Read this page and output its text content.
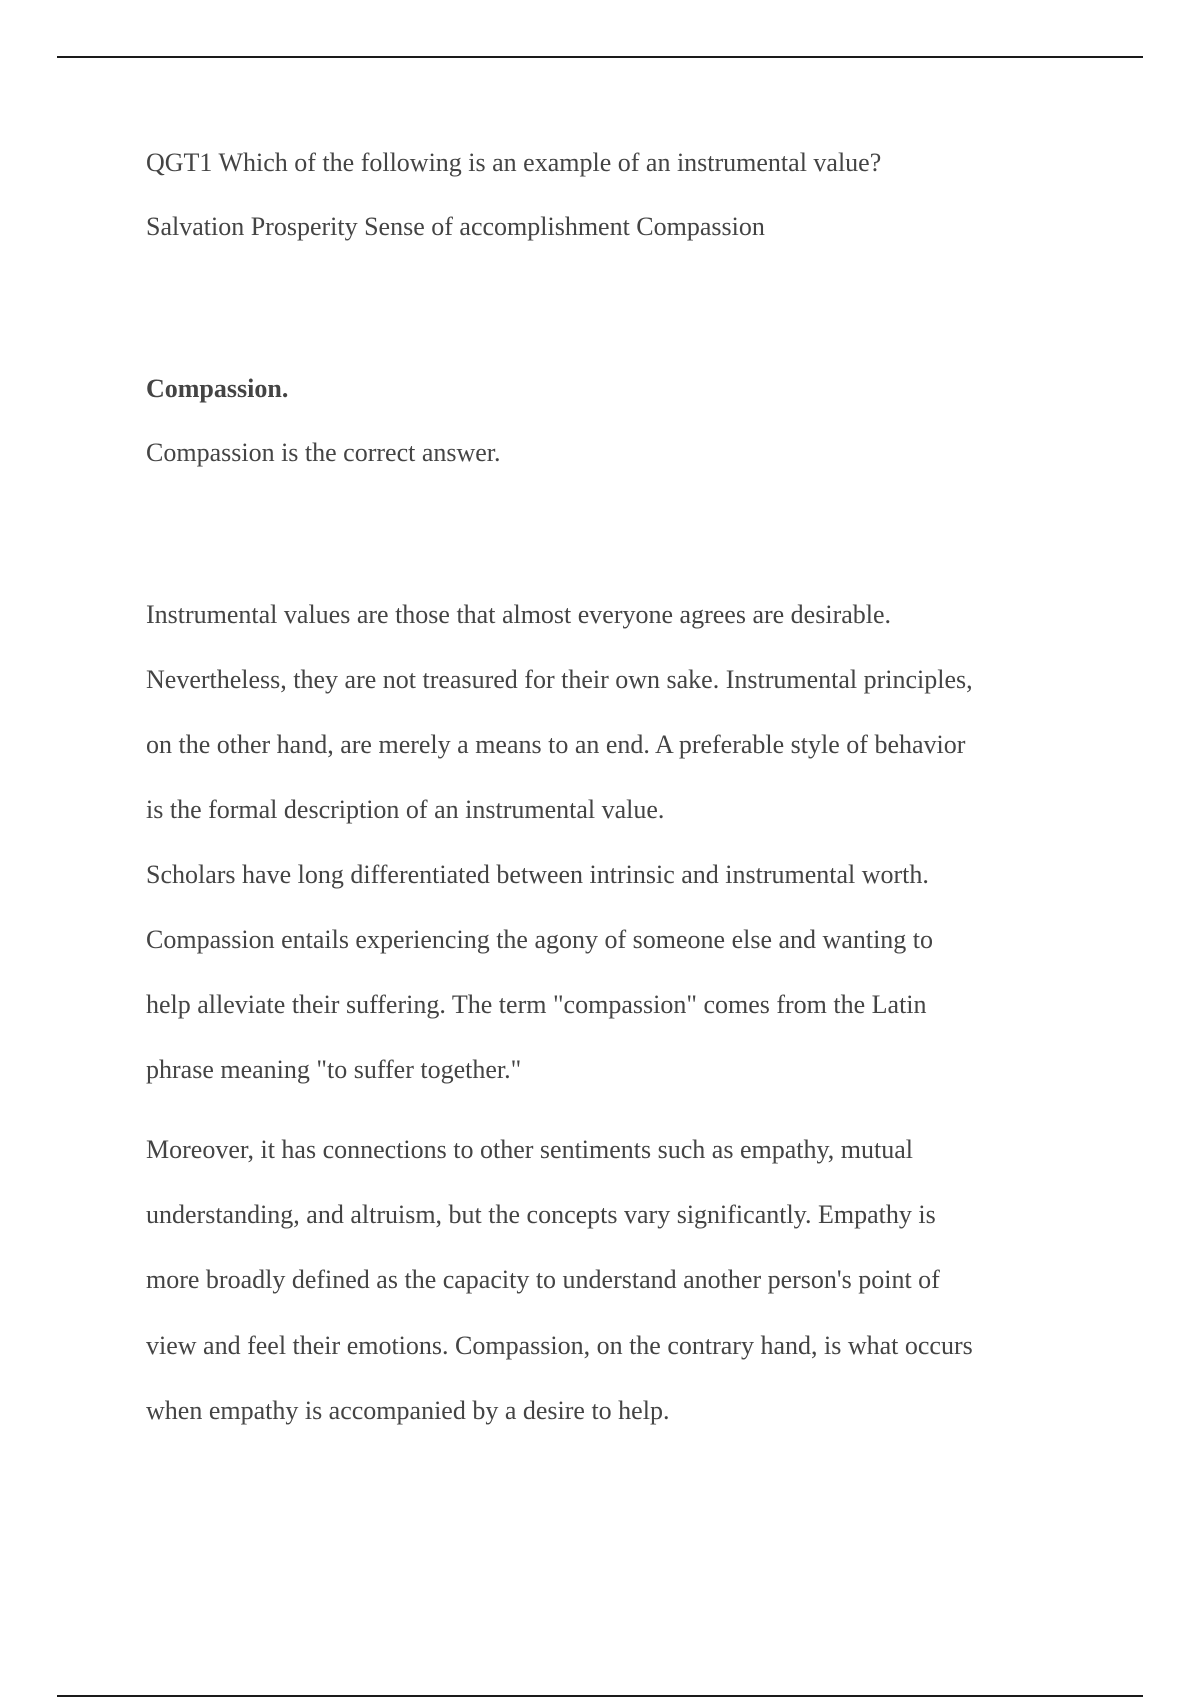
QGT1 Which of the following is an example of an instrumental value?
Salvation Prosperity Sense of accomplishment Compassion
Compassion.
Compassion is the correct answer.
Instrumental values are those that almost everyone agrees are desirable.
Nevertheless, they are not treasured for their own sake. Instrumental principles,
on the other hand, are merely a means to an end. A preferable style of behavior
is the formal description of an instrumental value.
Scholars have long differentiated between intrinsic and instrumental worth.
Compassion entails experiencing the agony of someone else and wanting to
help alleviate their suffering. The term "compassion" comes from the Latin
phrase meaning "to suffer together."
Moreover, it has connections to other sentiments such as empathy, mutual
understanding, and altruism, but the concepts vary significantly. Empathy is
more broadly defined as the capacity to understand another person's point of
view and feel their emotions. Compassion, on the contrary hand, is what occurs
when empathy is accompanied by a desire to help.
